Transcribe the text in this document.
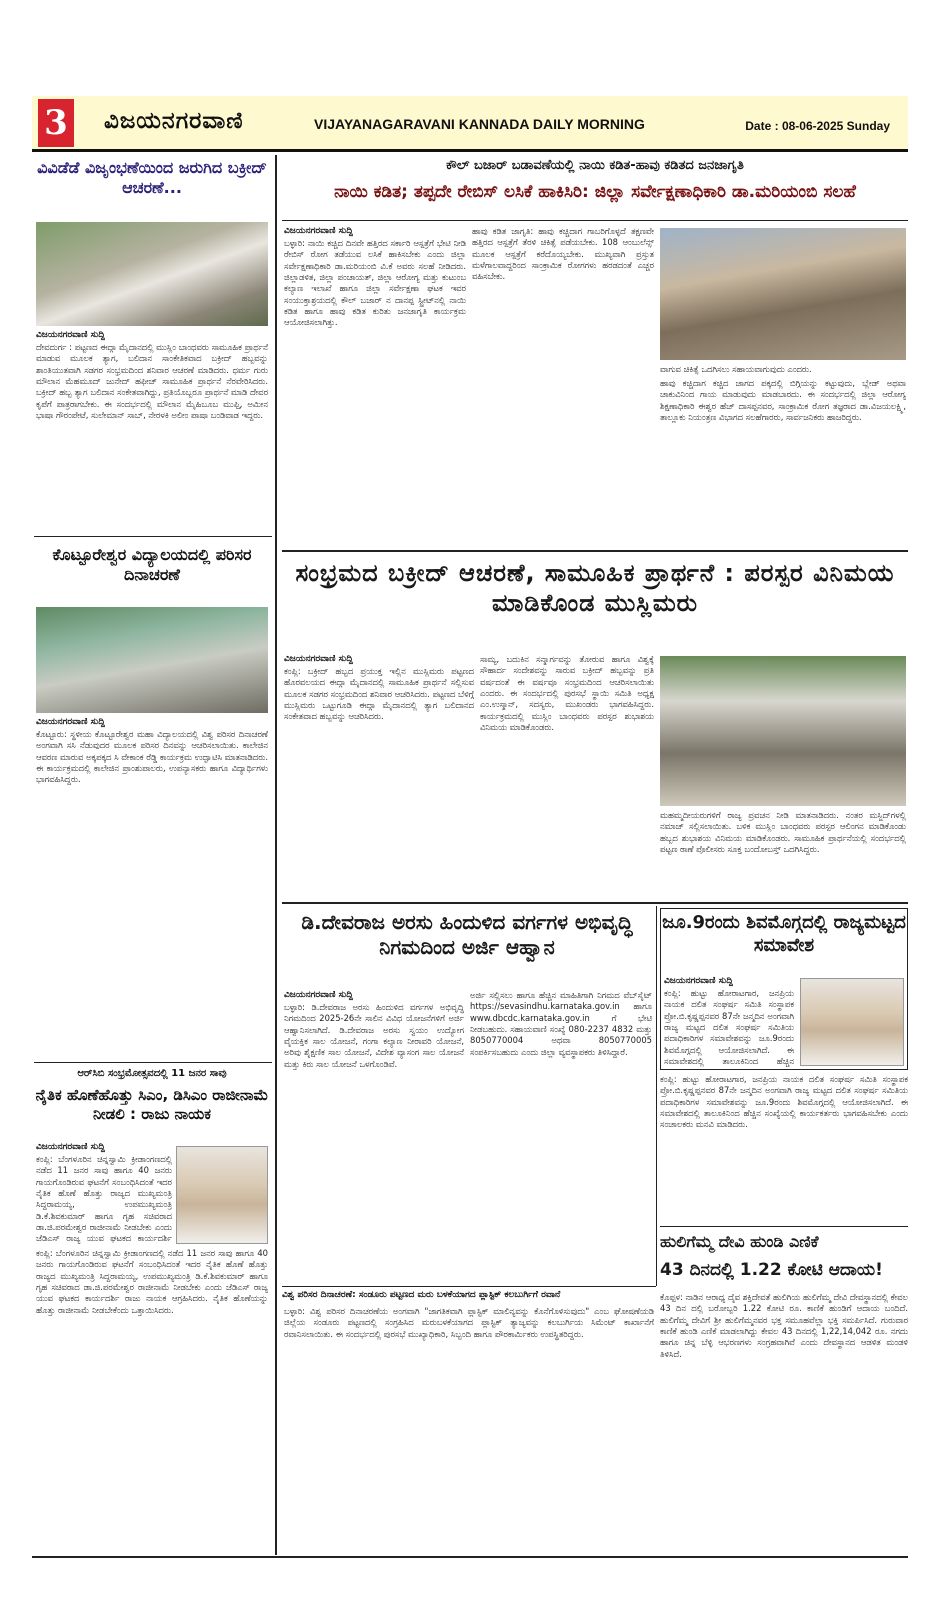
3 ವಿಜಯನಗರವಾಣಿ	VIJAYANAGARAVANI KANNADA DAILY MORNING	Date : 08-06-2025 Sunday
ವಿವಿಡೆಡೆ ವಿಜೃಂಭಣೆಯಿಂದ ಜರುಗಿದ ಬಕ್ರೀದ್ ಆಚರಣೆ...
ವಿಜಯನಗರವಾಣಿ ಸುದ್ದಿ
ದೇವದುರ್ಗ : ಪಟ್ಟಣದ ಈದ್ಗಾ ಮೈದಾನದಲ್ಲಿ ಮುಸ್ಲಿಂ ಬಾಂಧವರು ಸಾಮೂಹಿಕ ಪ್ರಾರ್ಥನೆ ಮಾಡುವ ಮೂಲಕ ತ್ಯಾಗ, ಬಲಿದಾನ ಸಾಂಕೇತಿಕವಾದ ಬಕ್ರೀದ್ ಹಬ್ಬವನ್ನು ಶಾಂತಿಯುತವಾಗಿ ಸಡಗರ ಸಂಭ್ರಮದಿಂದ ಶನಿವಾರ ಆಚರಣೆ ಮಾಡಿದರು. ಧರ್ಮ ಗುರು ಮೌಲಾನ ಮೆಹಮೂದ್ ಜುನೇದ್ ಹಫೀಜ್ ಸಾಮೂಹಿಕ ಪ್ರಾರ್ಥನೆ ನೆರವೇರಿಸಿದರು. ಬಕ್ರೀದ್ ಹಬ್ಬ ತ್ಯಾಗ ಬಲಿದಾನ ಸಂಕೇತವಾಗಿದ್ದು, ಪ್ರತಿಯೊಬ್ಬರೂ ಪ್ರಾರ್ಥನೆ ಮಾಡಿ ದೇವರ ಕೃಪೆಗೆ ಪಾತ್ರರಾಗಬೇಕು. ಈ ಸಂದರ್ಭದಲ್ಲಿ ಮೌಲಾನ ಮೈಹಿಬೂಬ ಮುಫ್ತಿ, ಅಮೀನ ಭಾಷಾ ಗೌರಂಪೇಟೆ, ಸುಲೇಮಾನ್ ಸಾಬ್, ನೇರಳಕಿ ಅಲೀಂ ಪಾಷಾ ಬಂಡಿವಾಡ ಇದ್ದರು.
ಕೊಟ್ಟೂರೇಶ್ವರ ವಿದ್ಯಾಲಯದಲ್ಲಿ ಪರಿಸರ ದಿನಾಚರಣೆ
ವಿಜಯನಗರವಾಣಿ ಸುದ್ದಿ
ಕೊಟ್ಟೂರು: ಸ್ಥಳೀಯ ಕೊಟ್ಟೂರೇಶ್ವರ ಮಹಾ ವಿದ್ಯಾಲಯದಲ್ಲಿ ವಿಶ್ವ ಪರಿಸರ ದಿನಾಚರಣೆ ಅಂಗವಾಗಿ ಸಸಿ ನೆಡುವುದರ ಮೂಲಕ ಪರಿಸರ ದಿನವನ್ನು ಆಚರಿಸಲಾಯಿತು. ಕಾಲೇಜಿನ ಆವರಣ ಮಾರುವ ಅಕ್ಕಪಕ್ಕದ ಸಿ ವೇಕಾಂಕ ರೆಡ್ಡಿ ಕಾರ್ಯಕ್ರಮ ಉದ್ಘಾಟಿಸಿ ಮಾತನಾಡಿದರು. ಈ ಕಾರ್ಯಕ್ರಮದಲ್ಲಿ ಕಾಲೇಜಿನ ಪ್ರಾಂಶುಪಾಲರು, ಉಪನ್ಯಾಸಕರು ಹಾಗೂ ವಿದ್ಯಾರ್ಥಿಗಳು ಭಾಗವಹಿಸಿದ್ದರು.
ಆರ್‌ಸಿಬಿ ಸಂಭ್ರಮೋತ್ಸವದಲ್ಲಿ 11 ಜನರ ಸಾವು
ನೈತಿಕ ಹೊಣೆಹೊತ್ತು ಸಿಎಂ, ಡಿಸಿಎಂ ರಾಜೀನಾಮೆ ನೀಡಲಿ : ರಾಜು ನಾಯಕ
ವಿಜಯನಗರವಾಣಿ ಸುದ್ದಿ
ಕಂಪ್ಲಿ: ಬೆಂಗಳೂರಿನ ಚಿನ್ನಸ್ವಾಮಿ ಕ್ರೀಡಾಂಗಣದಲ್ಲಿ ನಡೆದ 11 ಜನರ ಸಾವು ಹಾಗೂ 40 ಜನರು ಗಾಯಗೊಂಡಿರುವ ಘಟನೆಗೆ ಸಂಬಂಧಿಸಿದಂತೆ ಇದರ ನೈತಿಕ ಹೊಣೆ ಹೊತ್ತು ರಾಜ್ಯದ ಮುಖ್ಯಮಂತ್ರಿ ಸಿದ್ದರಾಮಯ್ಯ, ಉಪಮುಖ್ಯಮಂತ್ರಿ ಡಿ.ಕೆ.ಶಿವಕುಮಾರ್ ಹಾಗೂ ಗೃಹ ಸಚಿವರಾದ ಡಾ.ಜಿ.ಪರಮೇಶ್ವರ ರಾಜೀನಾಮೆ ನೀಡಬೇಕು ಎಂದು ಜೆಡಿಎಸ್ ರಾಜ್ಯ ಯುವ ಘಟಕದ ಕಾರ್ಯದರ್ಶಿ
ಕಂಪ್ಲಿ: ಬೆಂಗಳೂರಿನ ಚಿನ್ನಸ್ವಾಮಿ ಕ್ರೀಡಾಂಗಣದಲ್ಲಿ ನಡೆದ 11 ಜನರ ಸಾವು ಹಾಗೂ 40 ಜನರು ಗಾಯಗೊಂಡಿರುವ ಘಟನೆಗೆ ಸಂಬಂಧಿಸಿದಂತೆ ಇದರ ನೈತಿಕ ಹೊಣೆ ಹೊತ್ತು ರಾಜ್ಯದ ಮುಖ್ಯಮಂತ್ರಿ ಸಿದ್ದರಾಮಯ್ಯ, ಉಪಮುಖ್ಯಮಂತ್ರಿ ಡಿ.ಕೆ.ಶಿವಕುಮಾರ್ ಹಾಗೂ ಗೃಹ ಸಚಿವರಾದ ಡಾ.ಜಿ.ಪರಮೇಶ್ವರ ರಾಜೀನಾಮೆ ನೀಡಬೇಕು ಎಂದು ಜೆಡಿಎಸ್ ರಾಜ್ಯ ಯುವ ಘಟಕದ ಕಾರ್ಯದರ್ಶಿ ರಾಜು ನಾಯಕ ಆಗ್ರಹಿಸಿದರು. ನೈತಿಕ ಹೊಣೆಯನ್ನು ಹೊತ್ತು ರಾಜೀನಾಮೆ ನೀಡಬೇಕೆಂದು ಒತ್ತಾಯಿಸಿದರು.
ಕೌಲ್ ಬಜಾರ್ ಬಡಾವಣೆಯಲ್ಲಿ ನಾಯಿ ಕಡಿತ-ಹಾವು ಕಡಿತದ ಜನಜಾಗೃತಿ
ನಾಯಿ ಕಡಿತ; ತಪ್ಪದೇ ರೇಬಿಸ್ ಲಸಿಕೆ ಹಾಕಿಸಿರಿ: ಜಿಲ್ಲಾ ಸರ್ವೇಕ್ಷಣಾಧಿಕಾರಿ ಡಾ.ಮರಿಯಂಬಿ ಸಲಹೆ
ವಿಜಯನಗರವಾಣಿ ಸುದ್ದಿ
ಬಳ್ಳಾರಿ: ನಾಯಿ ಕಚ್ಚಿದ ದಿನವೇ ಹತ್ತಿರದ ಸರ್ಕಾರಿ ಆಸ್ಪತ್ರೆಗೆ ಭೇಟಿ ನೀಡಿ ರೇಬಿಸ್ ರೋಗ ತಡೆಯುವ ಲಸಿಕೆ ಹಾಕಿಸಬೇಕು ಎಂದು ಜಿಲ್ಲಾ ಸರ್ವೇಕ್ಷಣಾಧಿಕಾರಿ ಡಾ.ಮರಿಯಂಬಿ ವಿ.ಕೆ ಅವರು ಸಲಹೆ ನೀಡಿದರು. ಜಿಲ್ಲಾಡಳಿತ, ಜಿಲ್ಲಾ ಪಂಚಾಯತ್, ಜಿಲ್ಲಾ ಆರೋಗ್ಯ ಮತ್ತು ಕುಟುಂಬ ಕಲ್ಯಾಣ ಇಲಾಖೆ ಹಾಗೂ ಜಿಲ್ಲಾ ಸರ್ವೇಕ್ಷಣಾ ಘಟಕ ಇವರ ಸಂಯುಕ್ತಾಶ್ರಯದಲ್ಲಿ ಕೌಲ್ ಬಜಾರ್ ನ ದಾನಪ್ಪ ಸ್ಟ್ರೀಟ್‌ನಲ್ಲಿ ನಾಯಿ ಕಡಿತ ಹಾಗೂ ಹಾವು ಕಡಿತ ಕುರಿತು ಜನಜಾಗೃತಿ ಕಾರ್ಯಕ್ರಮ ಆಯೋಜಿಸಲಾಗಿತ್ತು.
ಹಾವು ಕಡಿತ ಜಾಗೃತಿ: ಹಾವು ಕಚ್ಚಿದಾಗ ಗಾಬರಿಗೊಳ್ಳದೆ ತಕ್ಷಣವೇ ಹತ್ತಿರದ ಆಸ್ಪತ್ರೆಗೆ ತೆರಳಿ ಚಿಕಿತ್ಸೆ ಪಡೆಯಬೇಕು. 108 ಆಂಬುಲೆನ್ಸ್ ಮೂಲಕ ಆಸ್ಪತ್ರೆಗೆ ಕರೆದೊಯ್ಯಬೇಕು. ಮುಖ್ಯವಾಗಿ ಪ್ರಸ್ತುತ ಮಳೆಗಾಲವಾದ್ದರಿಂದ ಸಾಂಕ್ರಾಮಿಕ ರೋಗಗಳು ಹರಡದಂತೆ ಎಚ್ಚರ ವಹಿಸಬೇಕು.
ವಾಗುವ ಚಿಕಿತ್ಸೆ ಒದಗಿಸಲು ಸಹಾಯವಾಗುವುದು ಎಂದರು.
ಹಾವು ಕಚ್ಚಿದಾಗ ಕಚ್ಚಿದ ಜಾಗದ ಪಕ್ಕದಲ್ಲಿ ಬಿಗ್ಗಿಯನ್ನು ಕಟ್ಟುವುದು, ಬ್ಲೇಡ್ ಅಥವಾ ಚಾಕುವಿನಿಂದ ಗಾಯ ಮಾಡುವುದು ಮಾಡಬಾರದು. ಈ ಸಂದರ್ಭದಲ್ಲಿ ಜಿಲ್ಲಾ ಆರೋಗ್ಯ ಶಿಕ್ಷಣಾಧಿಕಾರಿ ಈಶ್ವರ ಹೆಚ್ ದಾಸಪ್ಪನವರ, ಸಾಂಕ್ರಾಮಿಕ ರೋಗ ತಜ್ಞರಾದ ಡಾ.ವಿಜಯಲಕ್ಷ್ಮಿ, ತಾಲ್ಲೂಕು ನಿಯಂತ್ರಣ ವಿಭಾಗದ ಸಲಹೆಗಾರರು, ಸಾರ್ವಜನಿಕರು ಹಾಜರಿದ್ದರು.
ಸಂಭ್ರಮದ ಬಕ್ರೀದ್ ಆಚರಣೆ, ಸಾಮೂಹಿಕ ಪ್ರಾರ್ಥನೆ : ಪರಸ್ಪರ ವಿನಿಮಯ ಮಾಡಿಕೊಂಡ ಮುಸ್ಲಿಮರು
ವಿಜಯನಗರವಾಣಿ ಸುದ್ದಿ
ಕಂಪ್ಲಿ: ಬಕ್ರೀದ್ ಹಬ್ಬದ ಪ್ರಯುಕ್ತ ಇಲ್ಲಿನ ಮುಸ್ಲಿಮರು ಪಟ್ಟಣದ ಹೊರವಲಯದ ಈದ್ಗಾ ಮೈದಾನದಲ್ಲಿ ಸಾಮೂಹಿಕ ಪ್ರಾರ್ಥನೆ ಸಲ್ಲಿಸುವ ಮೂಲಕ ಸಡಗರ ಸಂಭ್ರಮದಿಂದ ಶನಿವಾರ ಆಚರಿಸಿದರು. ಪಟ್ಟಣದ ಬೆಳಿಗ್ಗೆ ಮುಸ್ಲಿಮರು ಒಟ್ಟುಗೂಡಿ ಈದ್ಗಾ ಮೈದಾನದಲ್ಲಿ ತ್ಯಾಗ ಬಲಿದಾನದ ಸಂಕೇತವಾದ ಹಬ್ಬವನ್ನು ಆಚರಿಸಿದರು.
ಸಾಮ್ಯ, ಬದುಕಿನ ಸನ್ಮಾರ್ಗವನ್ನು ತೋರುವ ಹಾಗೂ ವಿಶ್ವಕ್ಕೆ ಸೌಹಾರ್ದ ಸಂದೇಶವನ್ನು ಸಾರುವ ಬಕ್ರೀದ್ ಹಬ್ಬವನ್ನು ಪ್ರತಿ ವರ್ಷದಂತೆ ಈ ವರ್ಷವೂ ಸಂಭ್ರಮದಿಂದ ಆಚರಿಸಲಾಯಿತು ಎಂದರು. ಈ ಸಂದರ್ಭದಲ್ಲಿ ಪುರಸಭೆ ಸ್ಥಾಯಿ ಸಮಿತಿ ಅಧ್ಯಕ್ಷ ಎಂ.ಉಸ್ಮಾನ್, ಸದಸ್ಯರು, ಮುಖಂಡರು ಭಾಗವಹಿಸಿದ್ದರು. ಕಾರ್ಯಕ್ರಮದಲ್ಲಿ ಮುಸ್ಲಿಂ ಬಾಂಧವರು ಪರಸ್ಪರ ಶುಭಾಶಯ ವಿನಿಮಯ ಮಾಡಿಕೊಂಡರು.
ಮಹಮ್ಮದೀಯರುಗಳಿಗೆ ರಾಜ್ಯ ಪ್ರವಚನ ನೀಡಿ ಮಾತನಾಡಿದರು. ನಂತರ ಮಸ್ಜಿದ್‌ಗಳಲ್ಲಿ ನಮಾಜ್ ಸಲ್ಲಿಸಲಾಯಿತು. ಬಳಿಕ ಮುಸ್ಲಿಂ ಬಾಂಧವರು ಪರಸ್ಪರ ಆಲಿಂಗನ ಮಾಡಿಕೊಂಡು ಹಬ್ಬದ ಶುಭಾಶಯ ವಿನಿಮಯ ಮಾಡಿಕೊಂಡರು. ಸಾಮೂಹಿಕ ಪ್ರಾರ್ಥನೆಯಲ್ಲಿ ಸಂದರ್ಭದಲ್ಲಿ ಪಟ್ಟಣ ಠಾಣೆ ಪೊಲೀಸರು ಸೂಕ್ತ ಬಂದೋಬಸ್ತ್ ಒದಗಿಸಿದ್ದರು.
ಡಿ.ದೇವರಾಜ ಅರಸು ಹಿಂದುಳಿದ ವರ್ಗಗಳ ಅಭಿವೃದ್ಧಿ ನಿಗಮದಿಂದ ಅರ್ಜಿ ಆಹ್ವಾನ
ವಿಜಯನಗರವಾಣಿ ಸುದ್ದಿ
ಬಳ್ಳಾರಿ: ಡಿ.ದೇವರಾಜ ಅರಸು ಹಿಂದುಳಿದ ವರ್ಗಗಳ ಅಭಿವೃದ್ಧಿ ನಿಗಮದಿಂದ 2025-26ನೇ ಸಾಲಿನ ವಿವಿಧ ಯೋಜನೆಗಳಿಗೆ ಅರ್ಜಿ ಆಹ್ವಾನಿಸಲಾಗಿದೆ. ಡಿ.ದೇವರಾಜ ಅರಸು ಸ್ವಯಂ ಉದ್ಯೋಗ ವೈಯಕ್ತಿಕ ಸಾಲ ಯೋಜನೆ, ಗಂಗಾ ಕಲ್ಯಾಣ ನೀರಾವರಿ ಯೋಜನೆ, ಅರಿವು ಶೈಕ್ಷಣಿಕ ಸಾಲ ಯೋಜನೆ, ವಿದೇಶ ವ್ಯಾಸಂಗ ಸಾಲ ಯೋಜನೆ ಮತ್ತು ಕಿರು ಸಾಲ ಯೋಜನೆ ಒಳಗೊಂಡಿವೆ.
ಅರ್ಜಿ ಸಲ್ಲಿಸಲು ಹಾಗೂ ಹೆಚ್ಚಿನ ಮಾಹಿತಿಗಾಗಿ ನಿಗಮದ ವೆಬ್‌ಸೈಟ್ https://sevasindhu.karnataka.gov.in ಹಾಗೂ www.dbcdc.karnataka.gov.in ಗೆ ಭೇಟಿ ನೀಡಬಹುದು. ಸಹಾಯವಾಣಿ ಸಂಖ್ಯೆ 080-2237 4832 ಮತ್ತು 8050770004 ಅಥವಾ 8050770005 ಸಂಪರ್ಕಿಸಬಹುದು ಎಂದು ಜಿಲ್ಲಾ ವ್ಯವಸ್ಥಾಪಕರು ತಿಳಿಸಿದ್ದಾರೆ.
ಜೂ.9ರಂದು ಶಿವಮೊಗ್ಗದಲ್ಲಿ ರಾಜ್ಯಮಟ್ಟದ ಸಮಾವೇಶ
ವಿಜಯನಗರವಾಣಿ ಸುದ್ದಿ
ಕಂಪ್ಲಿ: ಹುಟ್ಟು ಹೋರಾಟಗಾರ, ಜನಪ್ರಿಯ ನಾಯಕ ದಲಿತ ಸಂಘರ್ಷ ಸಮಿತಿ ಸಂಸ್ಥಾಪಕ ಪ್ರೋ.ಬಿ.ಕೃಷ್ಣಪ್ಪನವರ 87ನೇ ಜನ್ಮದಿನ ಅಂಗವಾಗಿ ರಾಜ್ಯ ಮಟ್ಟದ ದಲಿತ ಸಂಘರ್ಷ ಸಮಿತಿಯ ಪದಾಧಿಕಾರಿಗಳ ಸಮಾವೇಶವನ್ನು ಜೂ.9ರಂದು ಶಿವಮೊಗ್ಗದಲ್ಲಿ ಆಯೋಜಿಸಲಾಗಿದೆ. ಈ ಸಮಾವೇಶದಲ್ಲಿ ತಾಲೂಕಿನಿಂದ ಹೆಚ್ಚಿನ
ಕಂಪ್ಲಿ: ಹುಟ್ಟು ಹೋರಾಟಗಾರ, ಜನಪ್ರಿಯ ನಾಯಕ ದಲಿತ ಸಂಘರ್ಷ ಸಮಿತಿ ಸಂಸ್ಥಾಪಕ ಪ್ರೋ.ಬಿ.ಕೃಷ್ಣಪ್ಪನವರ 87ನೇ ಜನ್ಮದಿನ ಅಂಗವಾಗಿ ರಾಜ್ಯ ಮಟ್ಟದ ದಲಿತ ಸಂಘರ್ಷ ಸಮಿತಿಯ ಪದಾಧಿಕಾರಿಗಳ ಸಮಾವೇಶವನ್ನು ಜೂ.9ರಂದು ಶಿವಮೊಗ್ಗದಲ್ಲಿ ಆಯೋಜಿಸಲಾಗಿದೆ. ಈ ಸಮಾವೇಶದಲ್ಲಿ ತಾಲೂಕಿನಿಂದ ಹೆಚ್ಚಿನ ಸಂಖ್ಯೆಯಲ್ಲಿ ಕಾರ್ಯಕರ್ತರು ಭಾಗವಹಿಸಬೇಕು ಎಂದು ಸಂಚಾಲಕರು ಮನವಿ ಮಾಡಿದರು.
ಹುಲಿಗೆಮ್ಮ ದೇವಿ ಹುಂಡಿ ಎಣಿಕೆ
43 ದಿನದಲ್ಲಿ 1.22 ಕೋಟಿ ಆದಾಯ!
ಕೊಪ್ಪಳ: ನಾಡಿನ ಆರಾಧ್ಯ ದೈವ ಶಕ್ತಿದೇವತೆ ಹುಲಿಗಿಯ ಹುಲಿಗೆಮ್ಮ ದೇವಿ ದೇವಸ್ಥಾನದಲ್ಲಿ ಕೇವಲ 43 ದಿನ ದಲ್ಲಿ ಬರೋಬ್ಬರಿ 1.22 ಕೋಟಿ ರೂ. ಕಾಣಿಕೆ ಹುಂಡಿಗೆ ಆದಾಯ ಬಂದಿದೆ. ಹುಲಿಗೆಮ್ಮ ದೇವಿಗೆ ಶ್ರೀ ಹುಲಿಗೆಮ್ಮನವರ ಭಕ್ತ ಸಮೂಹವೆಲ್ಲಾ ಭಕ್ತಿ ಸಮರ್ಪಿಸಿದೆ. ಗುರುವಾರ ಕಾಣಿಕೆ ಹುಂಡಿ ಎಣಿಕೆ ಮಾಡಲಾಗಿದ್ದು ಕೇವಲ 43 ದಿನದಲ್ಲಿ 1,22,14,042 ರೂ. ನಗದು ಹಾಗೂ ಚಿನ್ನ ಬೆಳ್ಳಿ ಆಭರಣಗಳು ಸಂಗ್ರಹವಾಗಿವೆ ಎಂದು ದೇವಸ್ಥಾನದ ಆಡಳಿತ ಮಂಡಳಿ ತಿಳಿಸಿದೆ.
ವಿಶ್ವ ಪರಿಸರ ದಿನಾಚರಣೆ: ಸಂಡೂರು ಪಟ್ಟಣದ ಮರು ಬಳಕೆಯಾಗದ ಪ್ಲಾಸ್ಟಿಕ್ ಕಲಬುರ್ಗಿಗೆ ರವಾನೆ
ಬಳ್ಳಾರಿ: ವಿಶ್ವ ಪರಿಸರ ದಿನಾಚರಣೆಯ ಅಂಗವಾಗಿ "ಜಾಗತಿಕವಾಗಿ ಪ್ಲಾಸ್ಟಿಕ್ ಮಾಲಿನ್ಯವನ್ನು ಕೊನೆಗೊಳಿಸುವುದು" ಎಂಬ ಘೋಷಣೆಯಡಿ ಜಿಲ್ಲೆಯ ಸಂಡೂರು ಪಟ್ಟಣದಲ್ಲಿ ಸಂಗ್ರಹಿಸಿದ ಮರುಬಳಕೆಯಾಗದ ಪ್ಲಾಸ್ಟಿಕ್ ತ್ಯಾಜ್ಯವನ್ನು ಕಲಬುರ್ಗಿಯ ಸಿಮೆಂಟ್ ಕಾರ್ಖಾನೆಗೆ ರವಾನಿಸಲಾಯಿತು. ಈ ಸಂದರ್ಭದಲ್ಲಿ ಪುರಸಭೆ ಮುಖ್ಯಾಧಿಕಾರಿ, ಸಿಬ್ಬಂದಿ ಹಾಗೂ ಪೌರಕಾರ್ಮಿಕರು ಉಪಸ್ಥಿತರಿದ್ದರು.
